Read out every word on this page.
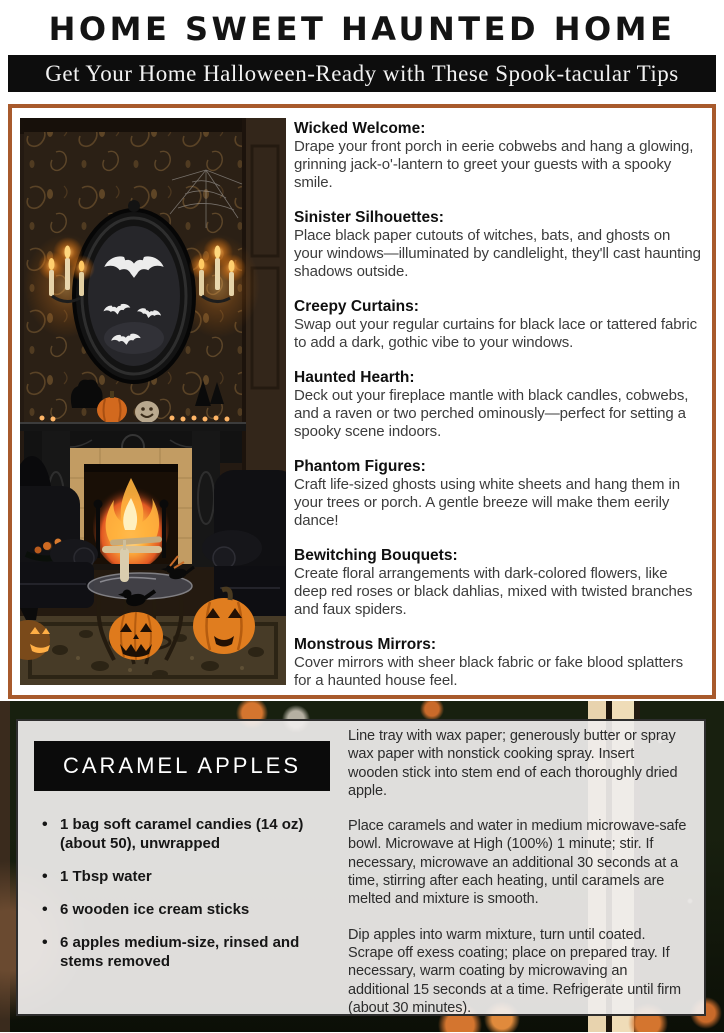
HOME SWEET HAUNTED HOME
Get Your Home Halloween-Ready with These Spook-tacular Tips
Wicked Welcome:
Drape your front porch in eerie cobwebs and hang a glowing, grinning jack-o'-lantern to greet your guests with a spooky smile.
Sinister Silhouettes:
Place black paper cutouts of witches, bats, and ghosts on your windows—illuminated by candlelight, they'll cast haunting shadows outside.
Creepy Curtains:
Swap out your regular curtains for black lace or tattered fabric to add a dark, gothic vibe to your windows.
Haunted Hearth:
Deck out your fireplace mantle with black candles, cobwebs, and a raven or two perched ominously—perfect for setting a spooky scene indoors.
Phantom Figures:
Craft life-sized ghosts using white sheets and hang them in your trees or porch. A gentle breeze will make them eerily dance!
Bewitching Bouquets:
Create floral arrangements with dark-colored flowers, like deep red roses or black dahlias, mixed with twisted branches and faux spiders.
Monstrous Mirrors:
Cover mirrors with sheer black fabric or fake blood splatters for a haunted house feel.
CARAMEL APPLES
• 1 bag soft caramel candies (14 oz) (about 50), unwrapped
• 1 Tbsp water
• 6 wooden ice cream sticks
• 6 apples medium-size, rinsed and stems removed

Line tray with wax paper; generously butter or spray wax paper with nonstick cooking spray. Insert wooden stick into stem end of each thoroughly dried apple.

Place caramels and water in medium microwave-safe bowl. Microwave at High (100%) 1 minute; stir. If necessary, microwave an additional 30 seconds at a time, stirring after each heating, until caramels are melted and mixture is smooth.

Dip apples into warm mixture, turn until coated. Scrape off exess coating; place on prepared tray. If necessary, warm coating by microwaving an additional 15 seconds at a time. Refrigerate until firm (about 30 minutes).
